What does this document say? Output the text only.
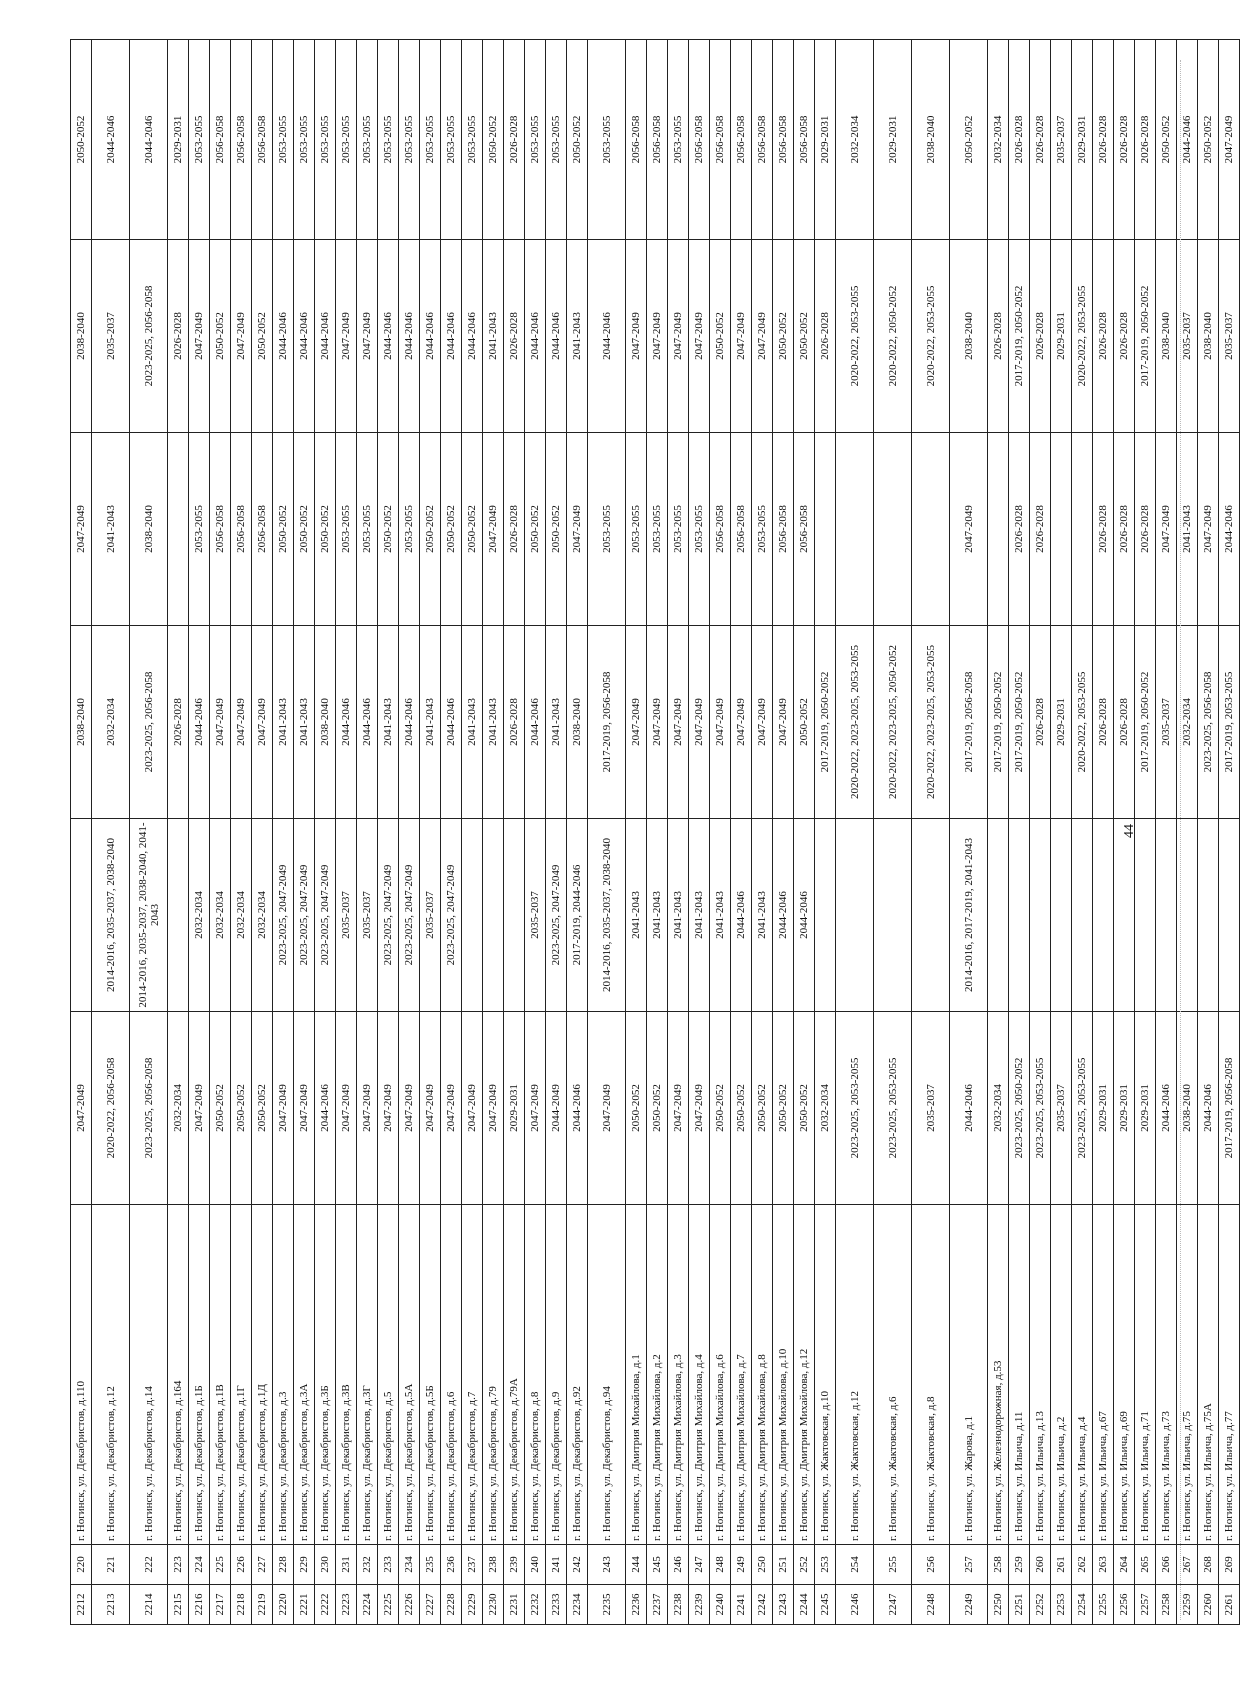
2212	220	г. Ногинск, ул. Декабристов, д.110	2047-2049		2038-2040	2047-2049	2038-2040	2050-2052
2213	221	г. Ногинск, ул. Декабристов, д.12	2020-2022, 2056-2058	2014-2016, 2035-2037, 2038-2040	2032-2034	2041-2043	2035-2037	2044-2046
2214	222	г. Ногинск, ул. Декабристов, д.14	2023-2025, 2056-2058	2014-2016, 2035-2037, 2038-2040, 2041-2043	2023-2025, 2056-2058	2038-2040	2023-2025, 2056-2058	2044-2046
2215	223	г. Ногинск, ул. Декабристов, д.164	2032-2034		2026-2028		2026-2028	2029-2031
2216	224	г. Ногинск, ул. Декабристов, д.1Б	2047-2049	2032-2034	2044-2046	2053-2055	2047-2049	2053-2055
2217	225	г. Ногинск, ул. Декабристов, д.1В	2050-2052	2032-2034	2047-2049	2056-2058	2050-2052	2056-2058
2218	226	г. Ногинск, ул. Декабристов, д.1Г	2050-2052	2032-2034	2047-2049	2056-2058	2047-2049	2056-2058
2219	227	г. Ногинск, ул. Декабристов, д.1Д	2050-2052	2032-2034	2047-2049	2056-2058	2050-2052	2056-2058
2220	228	г. Ногинск, ул. Декабристов, д.3	2047-2049	2023-2025, 2047-2049	2041-2043	2050-2052	2044-2046	2053-2055
2221	229	г. Ногинск, ул. Декабристов, д.3А	2047-2049	2023-2025, 2047-2049	2041-2043	2050-2052	2044-2046	2053-2055
2222	230	г. Ногинск, ул. Декабристов, д.3Б	2044-2046	2023-2025, 2047-2049	2038-2040	2050-2052	2044-2046	2053-2055
2223	231	г. Ногинск, ул. Декабристов, д.3В	2047-2049	2035-2037	2044-2046	2053-2055	2047-2049	2053-2055
2224	232	г. Ногинск, ул. Декабристов, д.3Г	2047-2049	2035-2037	2044-2046	2053-2055	2047-2049	2053-2055
2225	233	г. Ногинск, ул. Декабристов, д.5	2047-2049	2023-2025, 2047-2049	2041-2043	2050-2052	2044-2046	2053-2055
2226	234	г. Ногинск, ул. Декабристов, д.5А	2047-2049	2023-2025, 2047-2049	2044-2046	2053-2055	2044-2046	2053-2055
2227	235	г. Ногинск, ул. Декабристов, д.5Б	2047-2049	2035-2037	2041-2043	2050-2052	2044-2046	2053-2055
2228	236	г. Ногинск, ул. Декабристов, д.6	2047-2049	2023-2025, 2047-2049	2044-2046	2050-2052	2044-2046	2053-2055
2229	237	г. Ногинск, ул. Декабристов, д.7	2047-2049		2041-2043	2050-2052	2044-2046	2053-2055
2230	238	г. Ногинск, ул. Декабристов, д.79	2047-2049		2041-2043	2047-2049	2041-2043	2050-2052
2231	239	г. Ногинск, ул. Декабристов, д.79А	2029-2031		2026-2028	2026-2028	2026-2028	2026-2028
2232	240	г. Ногинск, ул. Декабристов, д.8	2047-2049	2035-2037	2044-2046	2050-2052	2044-2046	2053-2055
2233	241	г. Ногинск, ул. Декабристов, д.9	2044-2049	2023-2025, 2047-2049	2041-2043	2050-2052	2044-2046	2053-2055
2234	242	г. Ногинск, ул. Декабристов, д.92	2044-2046	2017-2019, 2044-2046	2038-2040	2047-2049	2041-2043	2050-2052
2235	243	г. Ногинск, ул. Декабристов, д.94	2047-2049	2014-2016, 2035-2037, 2038-2040	2017-2019, 2056-2058	2053-2055	2044-2046	2053-2055
2236	244	г. Ногинск, ул. Дмитрия Михайлова, д.1	2050-2052	2041-2043	2047-2049	2053-2055	2047-2049	2056-2058
2237	245	г. Ногинск, ул. Дмитрия Михайлова, д.2	2050-2052	2041-2043	2047-2049	2053-2055	2047-2049	2056-2058
2238	246	г. Ногинск, ул. Дмитрия Михайлова, д.3	2047-2049	2041-2043	2047-2049	2053-2055	2047-2049	2053-2055
2239	247	г. Ногинск, ул. Дмитрия Михайлова, д.4	2047-2049	2041-2043	2047-2049	2053-2055	2047-2049	2056-2058
2240	248	г. Ногинск, ул. Дмитрия Михайлова, д.6	2050-2052	2041-2043	2047-2049	2056-2058	2050-2052	2056-2058
2241	249	г. Ногинск, ул. Дмитрия Михайлова, д.7	2050-2052	2044-2046	2047-2049	2056-2058	2047-2049	2056-2058
2242	250	г. Ногинск, ул. Дмитрия Михайлова, д.8	2050-2052	2041-2043	2047-2049	2053-2055	2047-2049	2056-2058
2243	251	г. Ногинск, ул. Дмитрия Михайлова, д.10	2050-2052	2044-2046	2047-2049	2056-2058	2050-2052	2056-2058
2244	252	г. Ногинск, ул. Дмитрия Михайлова, д.12	2050-2052	2044-2046	2050-2052	2056-2058	2050-2052	2056-2058
2245	253	г. Ногинск, ул. Жактовская, д.10	2032-2034		2017-2019, 2050-2052		2026-2028	2029-2031
2246	254	г. Ногинск, ул. Жактовская, д.12	2023-2025, 2053-2055		2020-2022, 2023-2025, 2053-2055		2020-2022, 2053-2055	2032-2034
2247	255	г. Ногинск, ул. Жактовская, д.6	2023-2025, 2053-2055		2020-2022, 2023-2025, 2050-2052		2020-2022, 2050-2052	2029-2031
2248	256	г. Ногинск, ул. Жактовская, д.8	2035-2037		2020-2022, 2023-2025, 2053-2055		2020-2022, 2053-2055	2038-2040
2249	257	г. Ногинск, ул. Жарова, д.1	2044-2046	2014-2016, 2017-2019, 2041-2043	2017-2019, 2056-2058	2047-2049	2038-2040	2050-2052
2250	258	г. Ногинск, ул. Железнодорожная, д.53	2032-2034		2017-2019, 2050-2052		2026-2028	2032-2034
2251	259	г. Ногинск, ул. Ильича, д.11	2023-2025, 2050-2052		2017-2019, 2050-2052	2026-2028	2017-2019, 2050-2052	2026-2028
2252	260	г. Ногинск, ул. Ильича, д.13	2023-2025, 2053-2055		2026-2028	2026-2028	2026-2028	2026-2028
2253	261	г. Ногинск, ул. Ильича, д.2	2035-2037		2029-2031		2029-2031	2035-2037
2254	262	г. Ногинск, ул. Ильича, д.4	2023-2025, 2053-2055		2020-2022, 2053-2055		2020-2022, 2053-2055	2029-2031
2255	263	г. Ногинск, ул. Ильича, д.67	2029-2031		2026-2028	2026-2028	2026-2028	2026-2028
2256	264	г. Ногинск, ул. Ильича, д.69	2029-2031		2026-2028	2026-2028	2026-2028	2026-2028
2257	265	г. Ногинск, ул. Ильича, д.71	2029-2031		2017-2019, 2050-2052	2026-2028	2017-2019, 2050-2052	2026-2028
2258	266	г. Ногинск, ул. Ильича, д.73	2044-2046		2035-2037	2047-2049	2038-2040	2050-2052
2259	267	г. Ногинск, ул. Ильича, д.75	2038-2040		2032-2034	2041-2043	2035-2037	2044-2046
2260	268	г. Ногинск, ул. Ильича, д.75А	2044-2046		2023-2025, 2056-2058	2047-2049	2038-2040	2050-2052
2261	269	г. Ногинск, ул. Ильича, д.77	2017-2019, 2056-2058		2017-2019, 2053-2055	2044-2046	2035-2037	2047-2049
44
